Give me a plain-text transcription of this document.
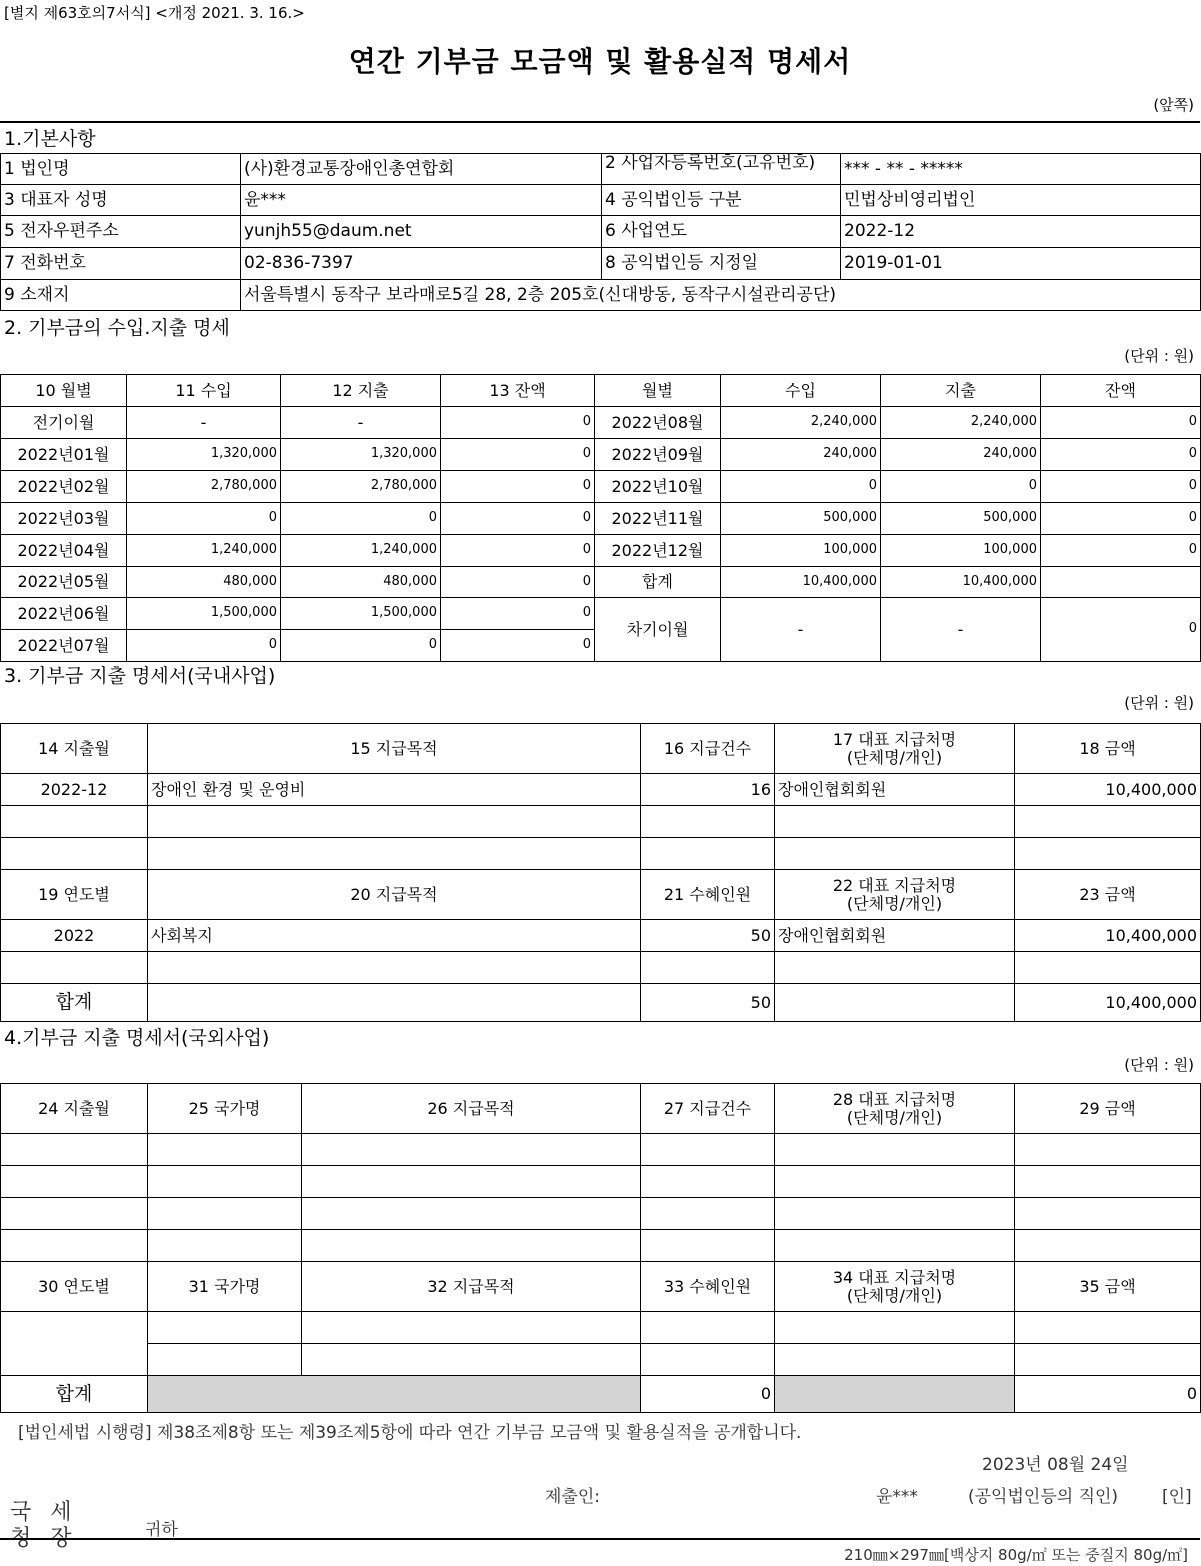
[별지 제63호의7서식] <개정 2021. 3. 16.>
연간 기부금 모금액 및 활용실적 명세서
(앞쪽)
1.기본사항
1 법인명	(사)환경교통장애인총연합회	2 사업자등록번호(고유번호)	*** - ** - *****
3 대표자 성명	윤***	4 공익법인등 구분	민법상비영리법인
5 전자우편주소	yunjh55@daum.net	6 사업연도	2022-12
7 전화번호	02-836-7397	8 공익법인등 지정일	2019-01-01
9 소재지	서울특별시 동작구 보라매로5길 28, 2층 205호(신대방동, 동작구시설관리공단)		
2. 기부금의 수입.지출 명세
(단위 : 원)
10 월별	11 수입	12 지출	13 잔액	월별	수입	지출	잔액
전기이월	-	-	0	2022년08월	2,240,000	2,240,000	0
2022년01월	1,320,000	1,320,000	0	2022년09월	240,000	240,000	0
2022년02월	2,780,000	2,780,000	0	2022년10월	0	0	0
2022년03월	0	0	0	2022년11월	500,000	500,000	0
2022년04월	1,240,000	1,240,000	0	2022년12월	100,000	100,000	0
2022년05월	480,000	480,000	0	합계	10,400,000	10,400,000	
2022년06월	1,500,000	1,500,000	0	차기이월	-	-	0
2022년07월	0	0	0				
3. 기부금 지출 명세서(국내사업)
(단위 : 원)
14 지출월	15 지급목적	16 지급건수	17 대표 지급처명
(단체명/개인)	18 금액
2022-12	장애인 환경 및 운영비	16	장애인협회회원	10,400,000

19 연도별	20 지급목적	21 수혜인원	22 대표 지급처명
(단체명/개인)	23 금액
2022	사회복지	50	장애인협회회원	10,400,000

합계		50		10,400,000
4.기부금 지출 명세서(국외사업)
(단위 : 원)
24 지출월	25 국가명	26 지급목적	27 지급건수	28 대표 지급처명
(단체명/개인)	29 금액

30 연도별	31 국가명	32 지급목적	33 수혜인원	34 대표 지급처명
(단체명/개인)	35 금액

합계			0		0
[법인세법 시행령] 제38조제8항 또는 제39조제5항에 따라 연간 기부금 모금액 및 활용실적을 공개합니다.
2023년 08월 24일
제출인:	윤***	(공익법인등의 직인)	[인]
국 세 청 장	귀하
210㎜×297㎜[백상지 80g/㎡ 또는 중질지 80g/㎡]
